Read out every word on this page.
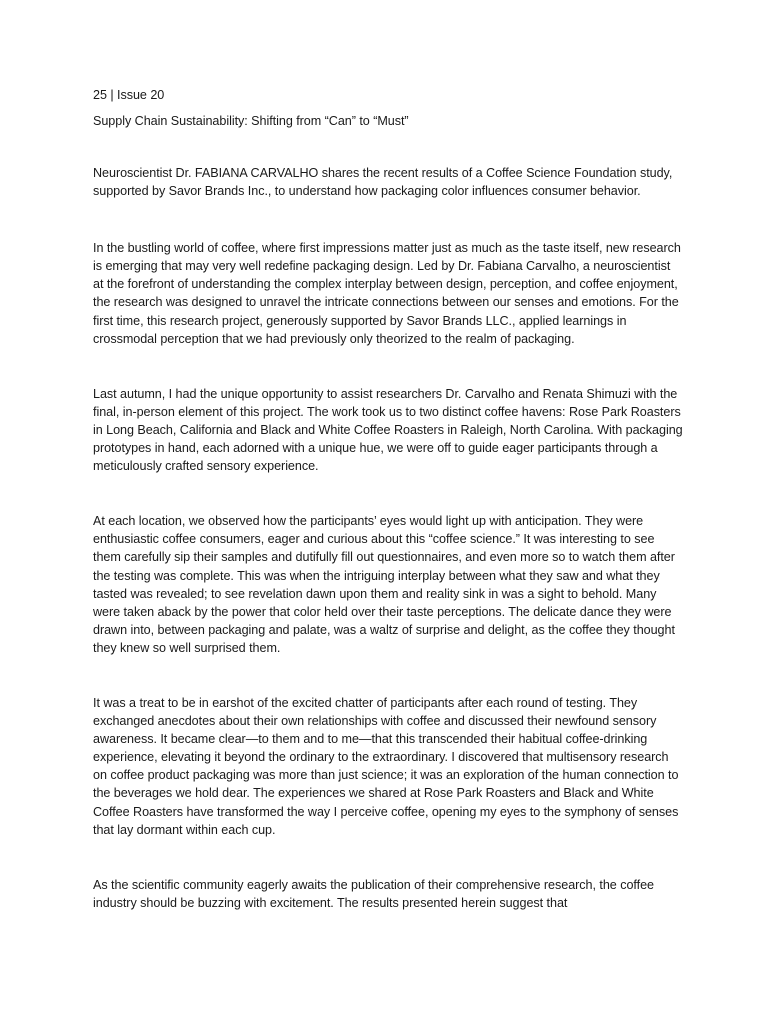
25 | Issue 20

Supply Chain Sustainability: Shifting from “Can” to “Must”

Neuroscientist Dr. FABIANA CARVALHO shares the recent results of a Coffee Science Foundation study, supported by Savor Brands Inc., to understand how packaging color influences consumer behavior.

In the bustling world of coffee, where first impressions matter just as much as the taste itself, new research is emerging that may very well redefine packaging design. Led by Dr. Fabiana Carvalho, a neuroscientist at the forefront of understanding the complex interplay between design, perception, and coffee enjoyment, the research was designed to unravel the intricate connections between our senses and emotions. For the first time, this research project, generously supported by Savor Brands LLC., applied learnings in crossmodal perception that we had previously only theorized to the realm of packaging.

Last autumn, I had the unique opportunity to assist researchers Dr. Carvalho and Renata Shimuzi with the final, in-person element of this project. The work took us to two distinct coffee havens: Rose Park Roasters in Long Beach, California and Black and White Coffee Roasters in Raleigh, North Carolina. With packaging prototypes in hand, each adorned with a unique hue, we were off to guide eager participants through a meticulously crafted sensory experience.

At each location, we observed how the participants’ eyes would light up with anticipation. They were enthusiastic coffee consumers, eager and curious about this “coffee science.” It was interesting to see them carefully sip their samples and dutifully fill out questionnaires, and even more so to watch them after the testing was complete. This was when the intriguing interplay between what they saw and what they tasted was revealed; to see revelation dawn upon them and reality sink in was a sight to behold. Many were taken aback by the power that color held over their taste perceptions. The delicate dance they were drawn into, between packaging and palate, was a waltz of surprise and delight, as the coffee they thought they knew so well surprised them.

It was a treat to be in earshot of the excited chatter of participants after each round of testing. They exchanged anecdotes about their own relationships with coffee and discussed their newfound sensory awareness. It became clear—to them and to me—that this transcended their habitual coffee-drinking experience, elevating it beyond the ordinary to the extraordinary. I discovered that multisensory research on coffee product packaging was more than just science; it was an exploration of the human connection to the beverages we hold dear. The experiences we shared at Rose Park Roasters and Black and White Coffee Roasters have transformed the way I perceive coffee, opening my eyes to the symphony of senses that lay dormant within each cup.

As the scientific community eagerly awaits the publication of their comprehensive research, the coffee industry should be buzzing with excitement. The results presented herein suggest that
